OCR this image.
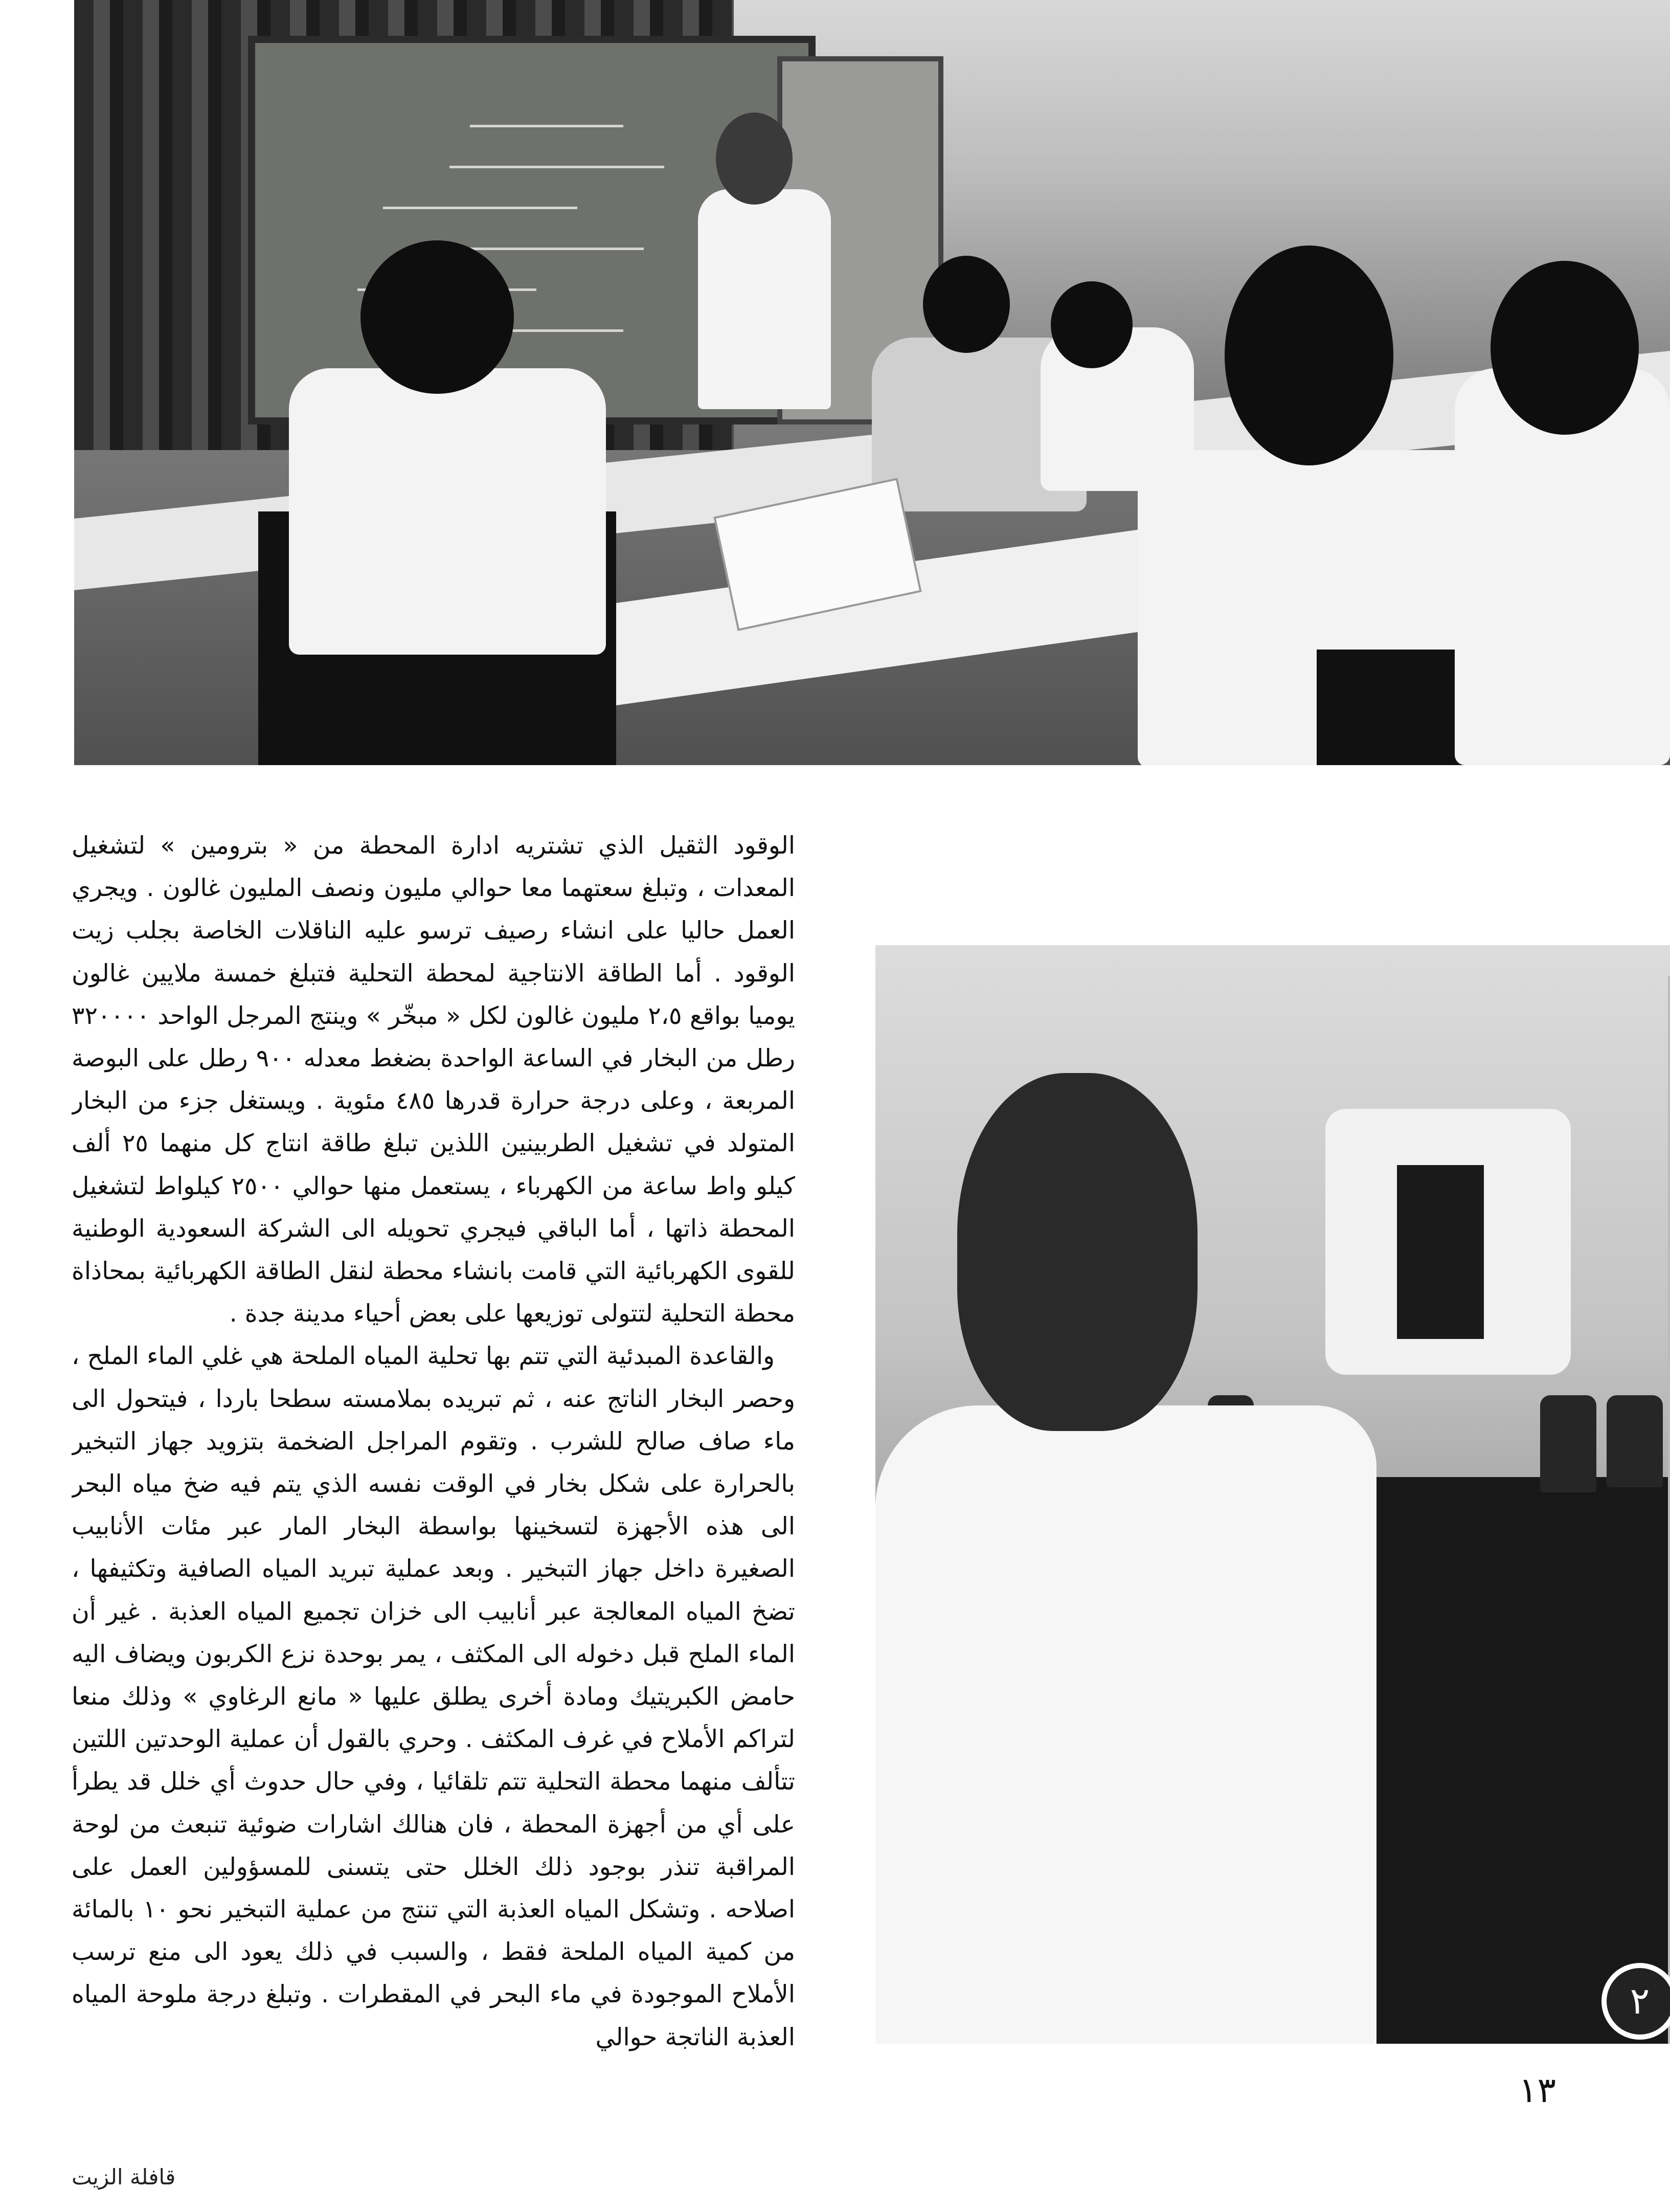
٢

الوقود الثقيل الذي تشتريه ادارة المحطة من « بترومين » لتشغيل المعدات ، وتبلغ سعتهما معا حوالي مليون ونصف المليون غالون . ويجري العمل حاليا على انشاء رصيف ترسو عليه الناقلات الخاصة بجلب زيت الوقود . أما الطاقة الانتاجية لمحطة التحلية فتبلغ خمسة ملايين غالون يوميا بواقع ٢،٥ مليون غالون لكل « مبخّر » وينتج المرجل الواحد ٣٢٠٠٠٠ رطل من البخار في الساعة الواحدة بضغط معدله ٩٠٠ رطل على البوصة المربعة ، وعلى درجة حرارة قدرها ٤٨٥ مئوية . ويستغل جزء من البخار المتولد في تشغيل الطربينين اللذين تبلغ طاقة انتاج كل منهما ٢٥ ألف كيلو واط ساعة من الكهرباء ، يستعمل منها حوالي ٢٥٠٠ كيلواط لتشغيل المحطة ذاتها ، أما الباقي فيجري تحويله الى الشركة السعودية الوطنية للقوى الكهربائية التي قامت بانشاء محطة لنقل الطاقة الكهربائية بمحاذاة محطة التحلية لتتولى توزيعها على بعض أحياء مدينة جدة .

والقاعدة المبدئية التي تتم بها تحلية المياه الملحة هي غلي الماء الملح ، وحصر البخار الناتج عنه ، ثم تبريده بملامسته سطحا باردا ، فيتحول الى ماء صاف صالح للشرب . وتقوم المراجل الضخمة بتزويد جهاز التبخير بالحرارة على شكل بخار في الوقت نفسه الذي يتم فيه ضخ مياه البحر الى هذه الأجهزة لتسخينها بواسطة البخار المار عبر مئات الأنابيب الصغيرة داخل جهاز التبخير . وبعد عملية تبريد المياه الصافية وتكثيفها ، تضخ المياه المعالجة عبر أنابيب الى خزان تجميع المياه العذبة . غير أن الماء الملح قبل دخوله الى المكثف ، يمر بوحدة نزع الكربون ويضاف اليه حامض الكبريتيك ومادة أخرى يطلق عليها « مانع الرغاوي » وذلك منعا لتراكم الأملاح في غرف المكثف . وحري بالقول أن عملية الوحدتين اللتين تتألف منهما محطة التحلية تتم تلقائيا ، وفي حال حدوث أي خلل قد يطرأ على أي من أجهزة المحطة ، فان هنالك اشارات ضوئية تنبعث من لوحة المراقبة تنذر بوجود ذلك الخلل حتى يتسنى للمسؤولين العمل على اصلاحه . وتشكل المياه العذبة التي تنتج من عملية التبخير نحو ١٠ بالمائة من كمية المياه الملحة فقط ، والسبب في ذلك يعود الى منع ترسب الأملاح الموجودة في ماء البحر في المقطرات . وتبلغ درجة ملوحة المياه العذبة الناتجة حوالي

١٣
قافلة الزيت
